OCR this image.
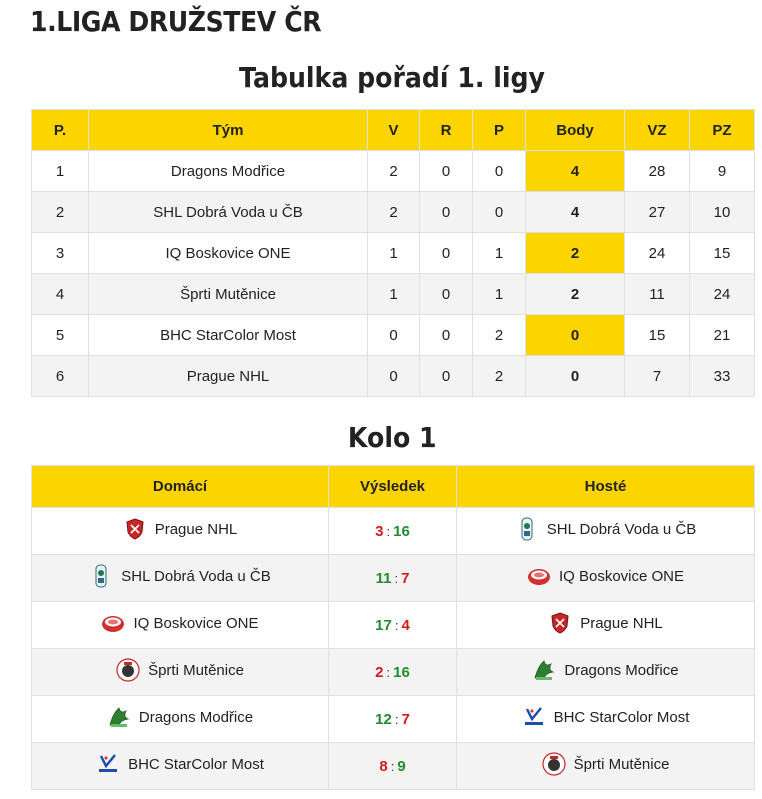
1.LIGA DRUŽSTEV ČR
Tabulka pořadí 1. ligy
P.	Tým	V	R	P	Body	VZ	PZ
1	Dragons Modřice	2	0	0	4	28	9
2	SHL Dobrá Voda u ČB	2	0	0	4	27	10
3	IQ Boskovice ONE	1	0	1	2	24	15
4	Šprti Mutěnice	1	0	1	2	11	24
5	BHC StarColor Most	0	0	2	0	15	21
6	Prague NHL	0	0	2	0	7	33
Kolo 1
Domácí	Výsledek	Hosté

Prague NHL	3 : 16	SHL Dobrá Voda u ČB

SHL Dobrá Voda u ČB	11 : 7	IQ Boskovice ONE

IQ Boskovice ONE	17 : 4	Prague NHL

Šprti Mutěnice	2 : 16	Dragons Modřice

Dragons Modřice	12 : 7	BHC StarColor Most

BHC StarColor Most	8 : 9	Šprti Mutěnice
